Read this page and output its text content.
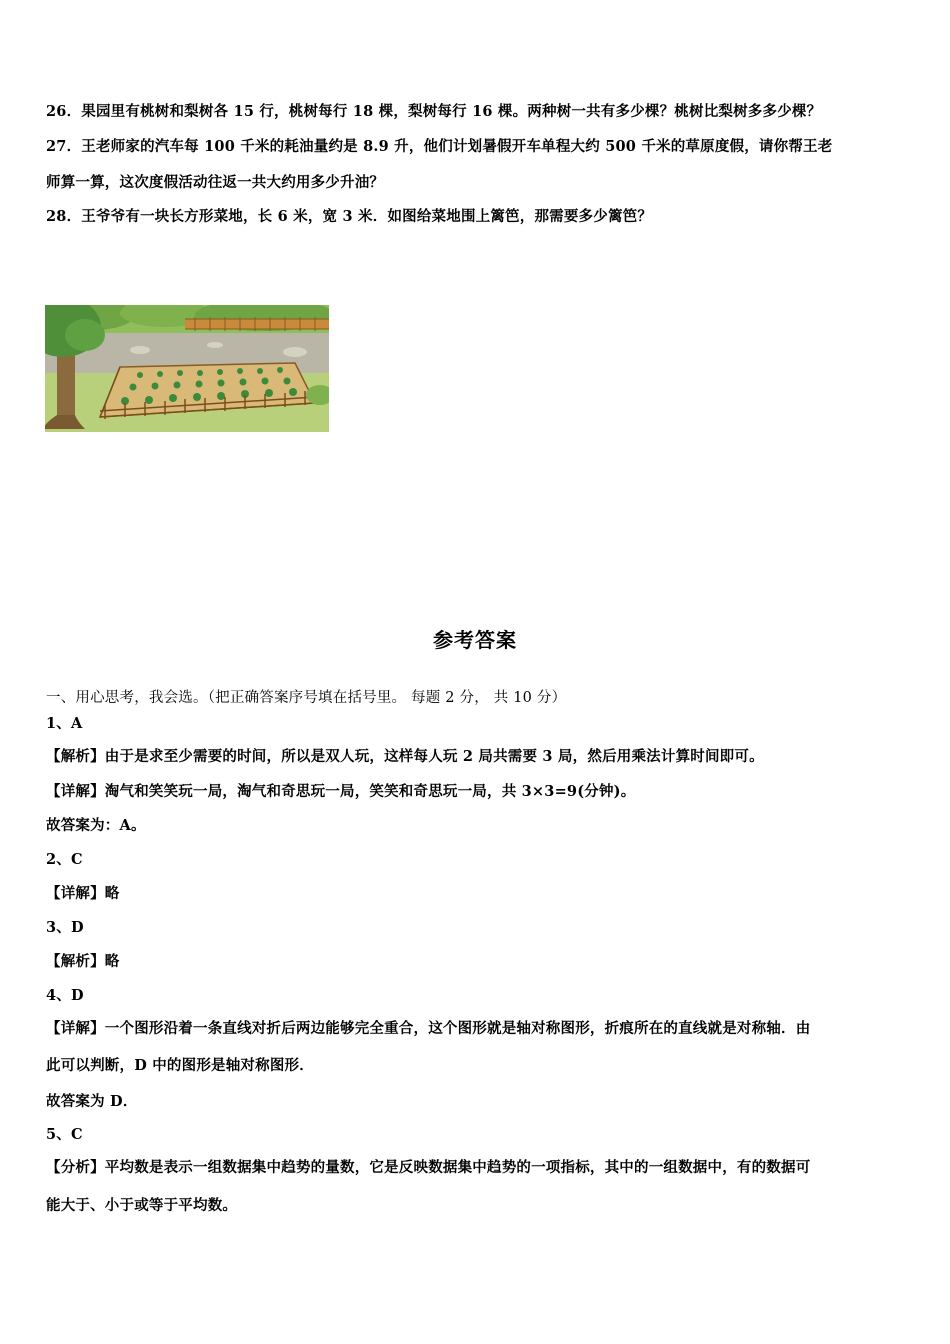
26．果园里有桃树和梨树各 15 行，桃树每行 18 棵，梨树每行 16 棵。两种树一共有多少棵？桃树比梨树多多少棵？
27．王老师家的汽车每 100 千米的耗油量约是 8.9 升，他们计划暑假开车单程大约 500 千米的草原度假，请你帮王老
师算一算，这次度假活动往返一共大约用多少升油？
28．王爷爷有一块长方形菜地，长 6 米，宽 3 米．如图给菜地围上篱笆，那需要多少篱笆？
参考答案
一、用心思考，我会选。（把正确答案序号填在括号里。 每题 2 分， 共 10 分）
1、A
【解析】由于是求至少需要的时间，所以是双人玩，这样每人玩 2 局共需要 3 局，然后用乘法计算时间即可。
【详解】淘气和笑笑玩一局，淘气和奇思玩一局，笑笑和奇思玩一局，共 3×3=9(分钟)。
故答案为：A。
2、C
【详解】略
3、D
【解析】略
4、D
【详解】一个图形沿着一条直线对折后两边能够完全重合，这个图形就是轴对称图形，折痕所在的直线就是对称轴．由
此可以判断，D 中的图形是轴对称图形．
故答案为 D．
5、C
【分析】平均数是表示一组数据集中趋势的量数，它是反映数据集中趋势的一项指标，其中的一组数据中，有的数据可
能大于、小于或等于平均数。
